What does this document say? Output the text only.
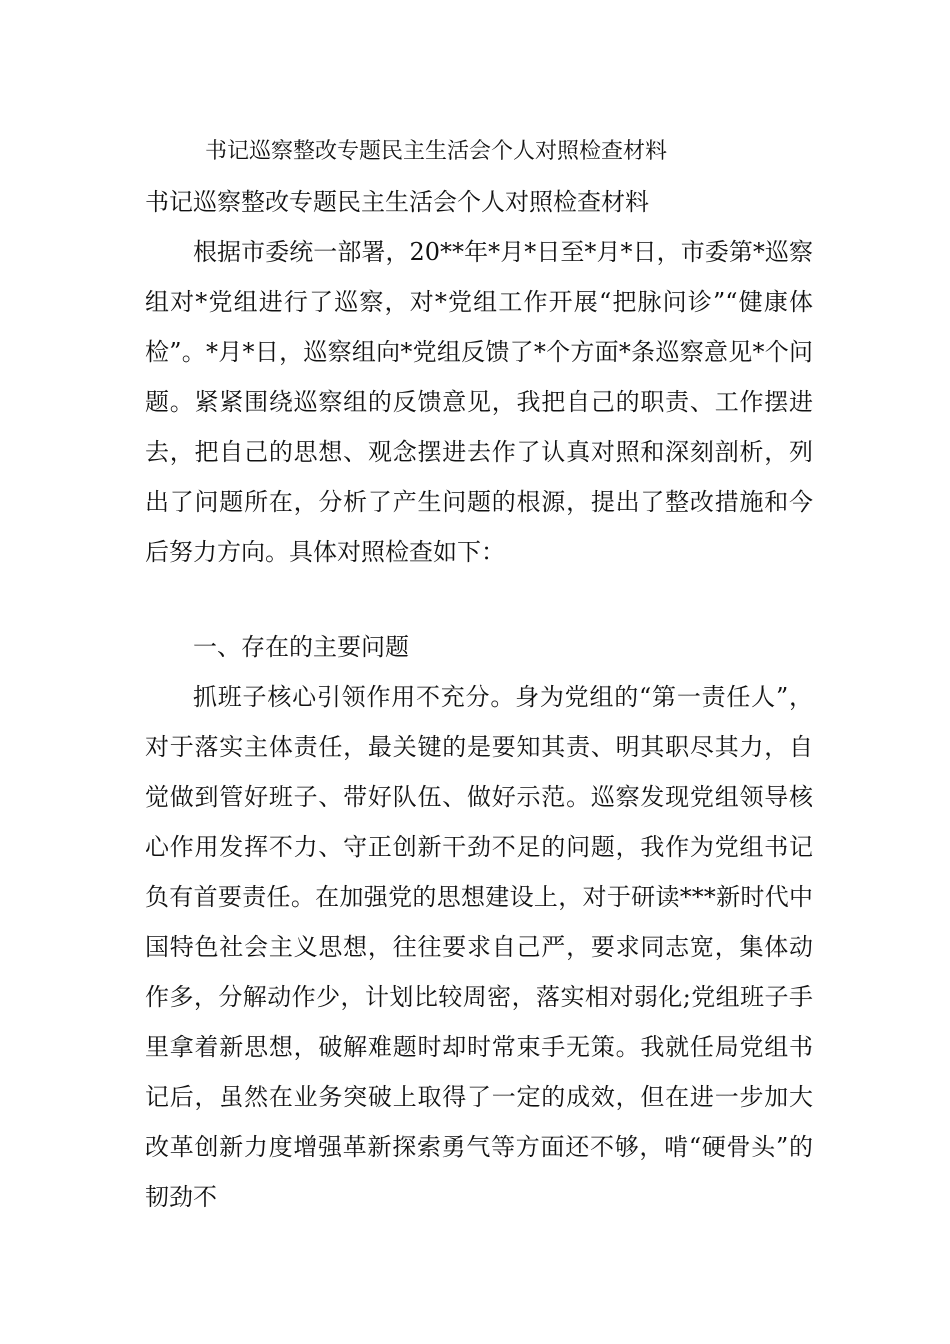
书记巡察整改专题民主生活会个人对照检查材料
书记巡察整改专题民主生活会个人对照检查材料

根据市委统一部署，20**年*月*日至*月*日，市委第*巡察组对*党组进行了巡察，对*党组工作开展“把脉问诊”“健康体检”。*月*日，巡察组向*党组反馈了*个方面*条巡察意见*个问题。紧紧围绕巡察组的反馈意见，我把自己的职责、工作摆进去，把自己的思想、观念摆进去作了认真对照和深刻剖析，列出了问题所在，分析了产生问题的根源，提出了整改措施和今后努力方向。具体对照检查如下：

一、存在的主要问题

抓班子核心引领作用不充分。身为党组的“第一责任人”，对于落实主体责任，最关键的是要知其责、明其职尽其力，自觉做到管好班子、带好队伍、做好示范。巡察发现党组领导核心作用发挥不力、守正创新干劲不足的问题，我作为党组书记负有首要责任。在加强党的思想建设上，对于研读***新时代中国特色社会主义思想，往往要求自己严，要求同志宽，集体动作多，分解动作少，计划比较周密，落实相对弱化;党组班子手里拿着新思想，破解难题时却时常束手无策。我就任局党组书记后，虽然在业务突破上取得了一定的成效，但在进一步加大改革创新力度增强革新探索勇气等方面还不够，啃“硬骨头”的韧劲不
